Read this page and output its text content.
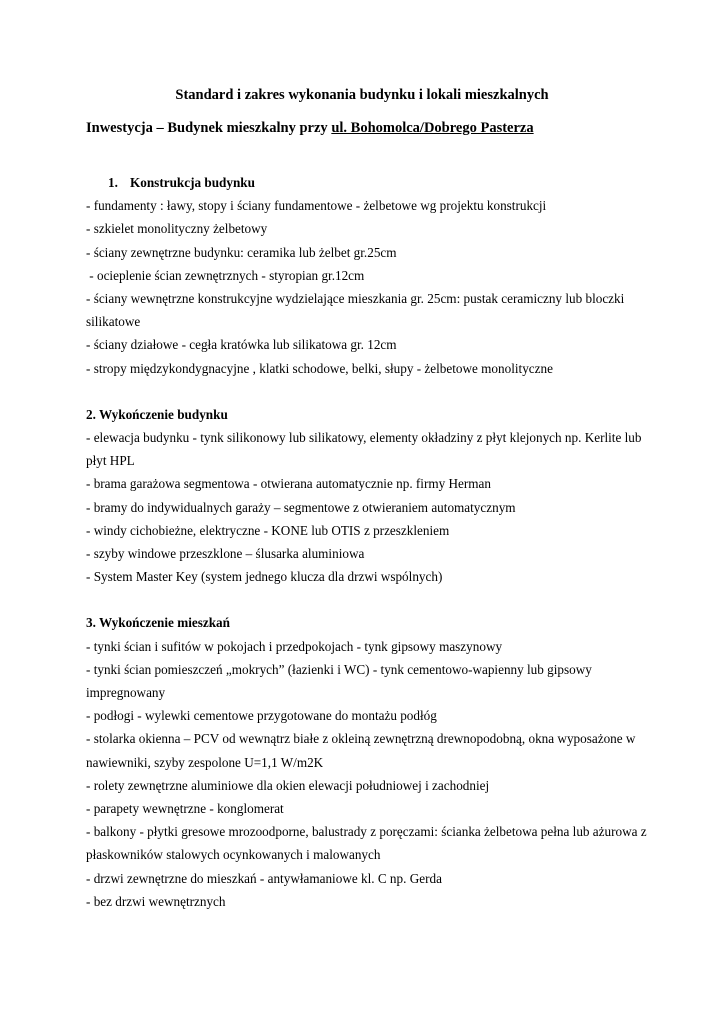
Standard i zakres wykonania budynku i lokali mieszkalnych
Inwestycja – Budynek mieszkalny przy ul. Bohomolca/Dobrego Pasterza
1. Konstrukcja budynku

- fundamenty : ławy, stopy i ściany fundamentowe - żelbetowe wg projektu konstrukcji

- szkielet monolityczny żelbetowy

- ściany zewnętrzne budynku: ceramika lub żelbet gr.25cm

- ocieplenie ścian zewnętrznych - styropian gr.12cm

- ściany wewnętrzne konstrukcyjne wydzielające mieszkania gr. 25cm: pustak ceramiczny lub bloczki silikatowe

- ściany działowe - cegła kratówka lub silikatowa gr. 12cm

- stropy międzykondygnacyjne , klatki schodowe, belki, słupy - żelbetowe monolityczne

2. Wykończenie budynku

- elewacja budynku - tynk silikonowy lub silikatowy, elementy okładziny z płyt klejonych np. Kerlite lub płyt HPL

- brama garażowa segmentowa - otwierana automatycznie np. firmy Herman

- bramy do indywidualnych garaży – segmentowe z otwieraniem automatycznym

- windy cichobieżne, elektryczne - KONE lub OTIS z przeszkleniem

- szyby windowe przeszklone – ślusarka aluminiowa

- System Master Key (system jednego klucza dla drzwi wspólnych)

3. Wykończenie mieszkań

- tynki ścian i sufitów w pokojach i przedpokojach - tynk gipsowy maszynowy

- tynki ścian pomieszczeń „mokrych” (łazienki i WC) - tynk cementowo-wapienny lub gipsowy impregnowany

- podłogi - wylewki cementowe przygotowane do montażu podłóg

- stolarka okienna – PCV od wewnątrz białe z okleiną zewnętrzną drewnopodobną, okna wyposażone w nawiewniki, szyby zespolone U=1,1 W/m2K

- rolety zewnętrzne aluminiowe dla okien elewacji południowej i zachodniej

- parapety wewnętrzne - konglomerat

- balkony - płytki gresowe mrozoodporne, balustrady z poręczami: ścianka żelbetowa pełna lub ażurowa z płaskowników stalowych ocynkowanych i malowanych

- drzwi zewnętrzne do mieszkań - antywłamaniowe kl. C np. Gerda

- bez drzwi wewnętrznych
